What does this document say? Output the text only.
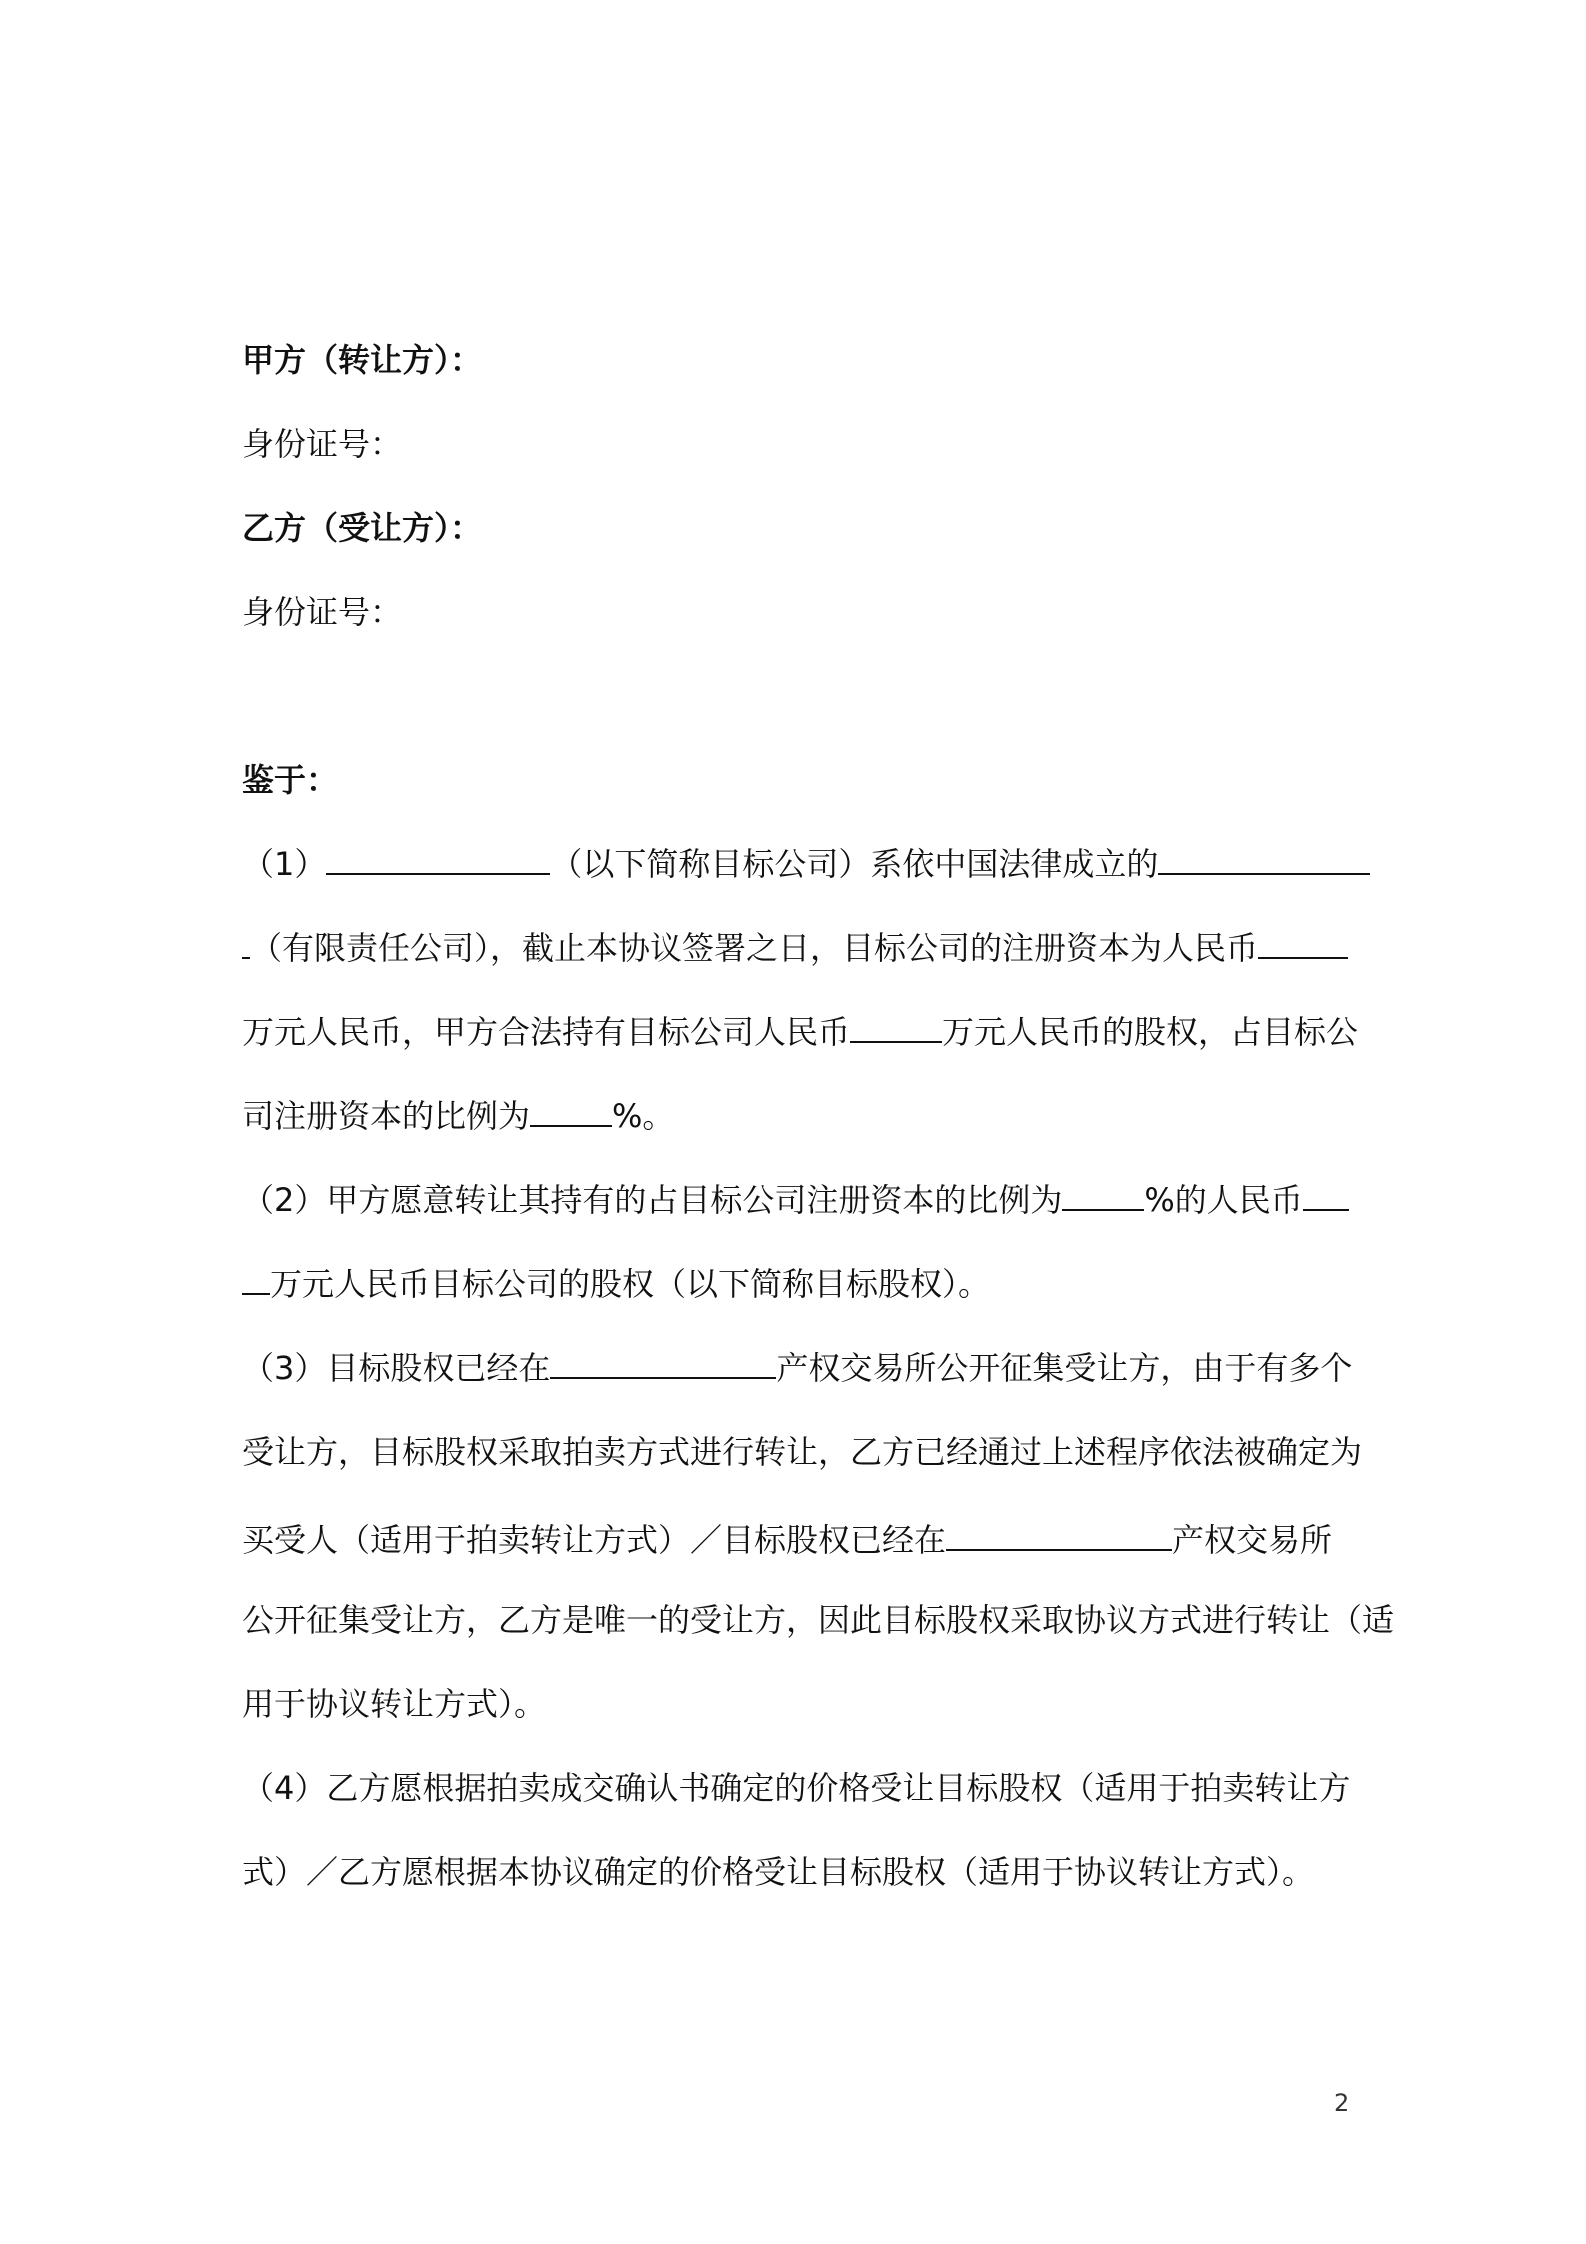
甲方（转让方）：
身份证号：
乙方（受让方）：
身份证号：
鉴于：
（1）	（以下简称目标公司）系依中国法律成立的
（有限责任公司），截止本协议签署之日，目标公司的注册资本为人民币
万元人民币，甲方合法持有目标公司人民币	万元人民币的股权，占目标公
司注册资本的比例为	%。
（2）甲方愿意转让其持有的占目标公司注册资本的比例为	%的人民币
万元人民币目标公司的股权（以下简称目标股权）。
（3）目标股权已经在	产权交易所公开征集受让方，由于有多个
受让方，目标股权采取拍卖方式进行转让，乙方已经通过上述程序依法被确定为
买受人（适用于拍卖转让方式）／目标股权已经在	产权交易所
公开征集受让方，乙方是唯一的受让方，因此目标股权采取协议方式进行转让（适
用于协议转让方式）。
（4）乙方愿根据拍卖成交确认书确定的价格受让目标股权（适用于拍卖转让方
式）／乙方愿根据本协议确定的价格受让目标股权（适用于协议转让方式）。
2
